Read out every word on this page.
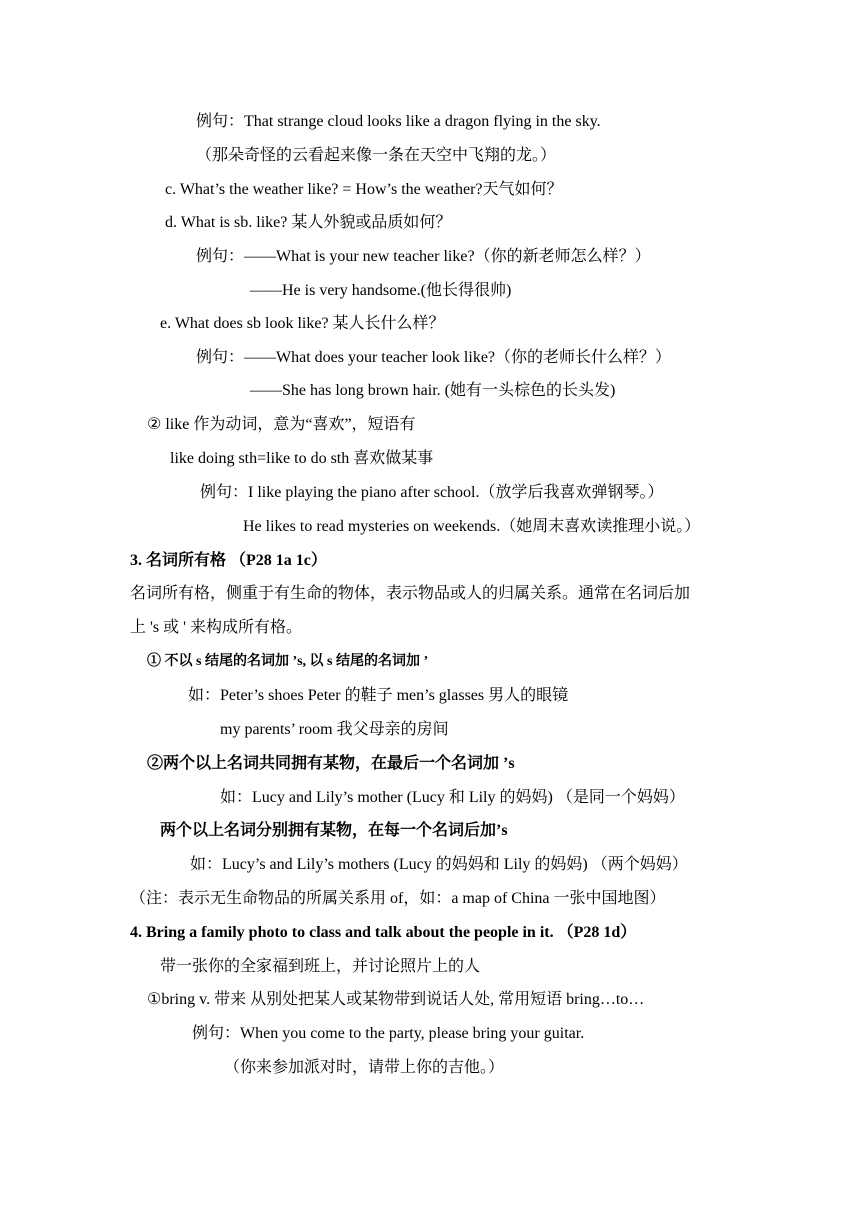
例句：That strange cloud looks like a dragon flying in the sky.
（那朵奇怪的云看起来像一条在天空中飞翔的龙。）
c. What’s the weather like? = How’s the weather?天气如何？
d. What is sb. like? 某人外貌或品质如何？
例句：——What is your new teacher like?（你的新老师怎么样？）
——He is very handsome.(他长得很帅)
e. What does sb look like? 某人长什么样？
例句：——What does your teacher look like?（你的老师长什么样？）
——She has long brown hair. (她有一头棕色的长头发)
② like 作为动词，意为“喜欢”，短语有
like doing sth=like to do sth 喜欢做某事
例句：I like playing the piano after school.（放学后我喜欢弹钢琴。）
He likes to read mysteries on weekends.（她周末喜欢读推理小说。）
3. 名词所有格 （P28 1a 1c）
名词所有格，侧重于有生命的物体，表示物品或人的归属关系。通常在名词后加
上 's 或 ' 来构成所有格。
① 不以 s 结尾的名词加 ’s, 以 s 结尾的名词加 ’
如：Peter’s shoes Peter 的鞋子 men’s glasses 男人的眼镜
my parents’ room 我父母亲的房间
②两个以上名词共同拥有某物，在最后一个名词加 ’s
如：Lucy and Lily’s mother (Lucy 和 Lily 的妈妈) （是同一个妈妈）
两个以上名词分别拥有某物，在每一个名词后加’s
如：Lucy’s and Lily’s mothers (Lucy 的妈妈和 Lily 的妈妈) （两个妈妈）
（注：表示无生命物品的所属关系用 of，如：a map of China 一张中国地图）
4. Bring a family photo to class and talk about the people in it. （P28 1d）
带一张你的全家福到班上，并讨论照片上的人
①bring v. 带来 从别处把某人或某物带到说话人处, 常用短语 bring…to…
例句：When you come to the party, please bring your guitar.
（你来参加派对时，请带上你的吉他。）
